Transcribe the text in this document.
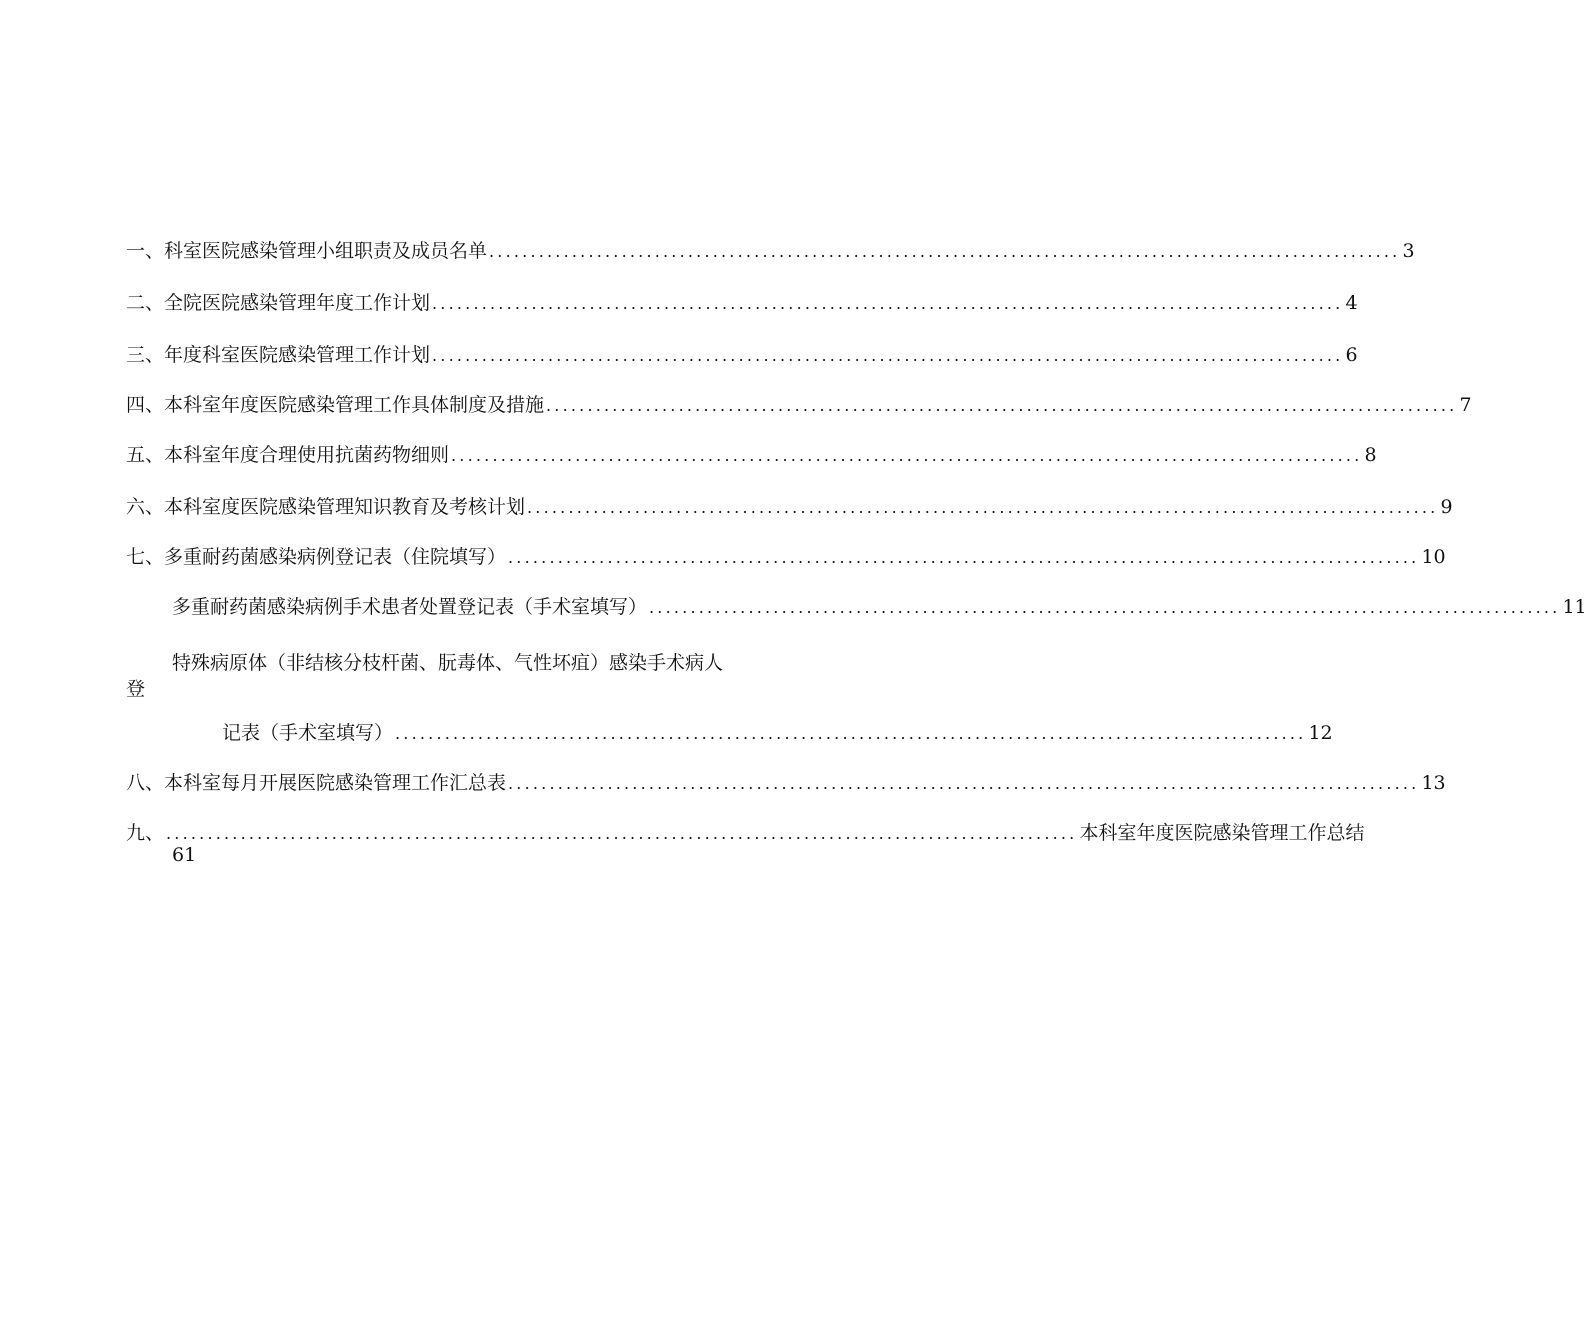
一、科室医院感染管理小组职责及成员名单 .............................................................................................................. 3
二、全院医院感染管理年度工作计划 .............................................................................................................. 4
三、年度科室医院感染管理工作计划 .............................................................................................................. 6
四、本科室年度医院感染管理工作具体制度及措施 .............................................................................................................. 7
五、本科室年度合理使用抗菌药物细则 .............................................................................................................. 8
六、本科室度医院感染管理知识教育及考核计划 .............................................................................................................. 9
七、多重耐药菌感染病例登记表（住院填写） .............................................................................................................. 10
多重耐药菌感染病例手术患者处置登记表（手术室填写） .............................................................................................................. 11
特殊病原体（非结核分枝杆菌、朊毒体、气性坏疽）感染手术病人
登
记表（手术室填写） .............................................................................................................. 12
八、本科室每月开展医院感染管理工作汇总表 .............................................................................................................. 13
九、 .............................................................................................................. 本科室年度医院感染管理工作总结
61
